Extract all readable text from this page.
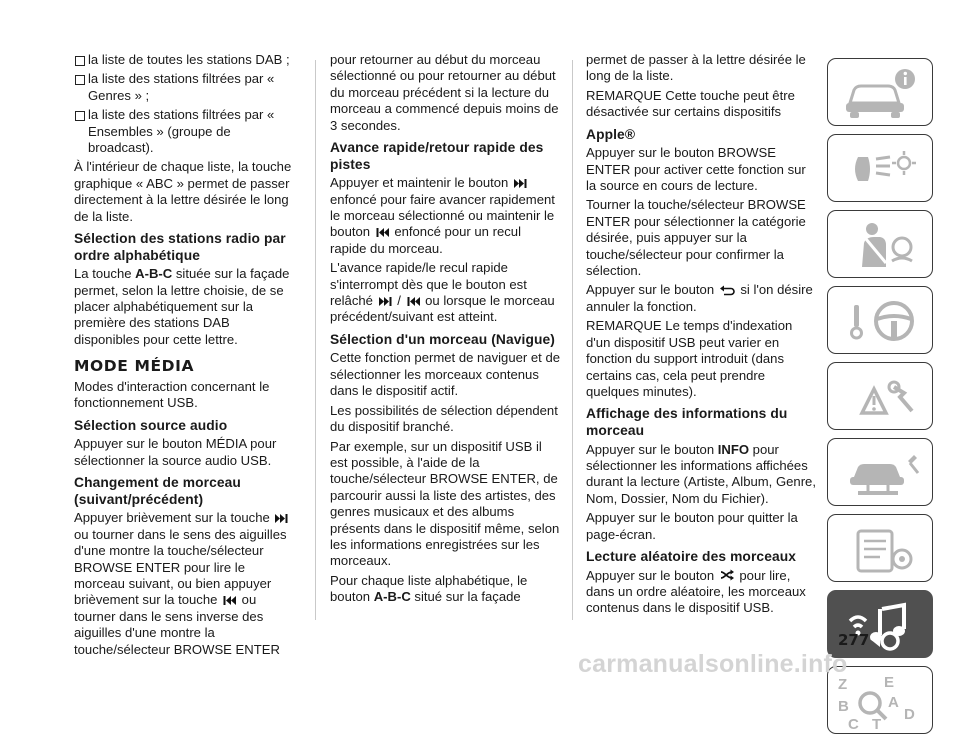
la liste de toutes les stations DAB ;
la liste des stations filtrées par « Genres » ;
la liste des stations filtrées par « Ensembles » (groupe de broadcast).
À l'intérieur de chaque liste, la touche graphique « ABC » permet de passer directement à la lettre désirée le long de la liste.
Sélection des stations radio par ordre alphabétique
La touche A-B-C située sur la façade permet, selon la lettre choisie, de se placer alphabétiquement sur la première des stations DAB disponibles pour cette lettre.
MODE MÉDIA
Modes d'interaction concernant le fonctionnement USB.
Sélection source audio
Appuyer sur le bouton MÉDIA pour sélectionner la source audio USB.
Changement de morceau (suivant/précédent)
Appuyer brièvement sur la touche
ou tourner dans le sens des aiguilles d'une montre la touche/sélecteur BROWSE ENTER pour lire le morceau suivant, ou bien appuyer brièvement sur la touche
ou tourner dans le sens inverse des aiguilles d'une montre la touche/sélecteur BROWSE ENTER
pour retourner au début du morceau sélectionné ou pour retourner au début du morceau précédent si la lecture du morceau a commencé depuis moins de 3 secondes.
Avance rapide/retour rapide des pistes
Appuyer et maintenir le bouton
enfoncé pour faire avancer rapidement le morceau sélectionné ou maintenir le bouton
enfoncé pour un recul rapide du morceau.
L'avance rapide/le recul rapide s'interrompt dès que le bouton est relâché
/
ou lorsque le morceau précédent/suivant est atteint.
Sélection d'un morceau (Navigue)
Cette fonction permet de naviguer et de sélectionner les morceaux contenus dans le dispositif actif.
Les possibilités de sélection dépendent du dispositif branché.
Par exemple, sur un dispositif USB il est possible, à l'aide de la touche/sélecteur BROWSE ENTER, de parcourir aussi la liste des artistes, des genres musicaux et des albums présents dans le dispositif même, selon les informations enregistrées sur les morceaux.
Pour chaque liste alphabétique, le bouton A-B-C situé sur la façade
permet de passer à la lettre désirée le long de la liste.
REMARQUE Cette touche peut être désactivée sur certains dispositifs
Apple®
Appuyer sur le bouton BROWSE ENTER pour activer cette fonction sur la source en cours de lecture.
Tourner la touche/sélecteur BROWSE ENTER pour sélectionner la catégorie désirée, puis appuyer sur la touche/sélecteur pour confirmer la sélection.
Appuyer sur le bouton
si l'on désire annuler la fonction.
REMARQUE Le temps d'indexation d'un dispositif USB peut varier en fonction du support introduit (dans certains cas, cela peut prendre quelques minutes).
Affichage des informations du morceau
Appuyer sur le bouton INFO pour sélectionner les informations affichées durant la lecture (Artiste, Album, Genre, Nom, Dossier, Nom du Fichier).
Appuyer sur le bouton pour quitter la page-écran.
Lecture aléatoire des morceaux
Appuyer sur le bouton
pour lire, dans un ordre aléatoire, les morceaux contenus dans le dispositif USB.
Z E
A
B	D
C T
277
carmanualsonline.info
